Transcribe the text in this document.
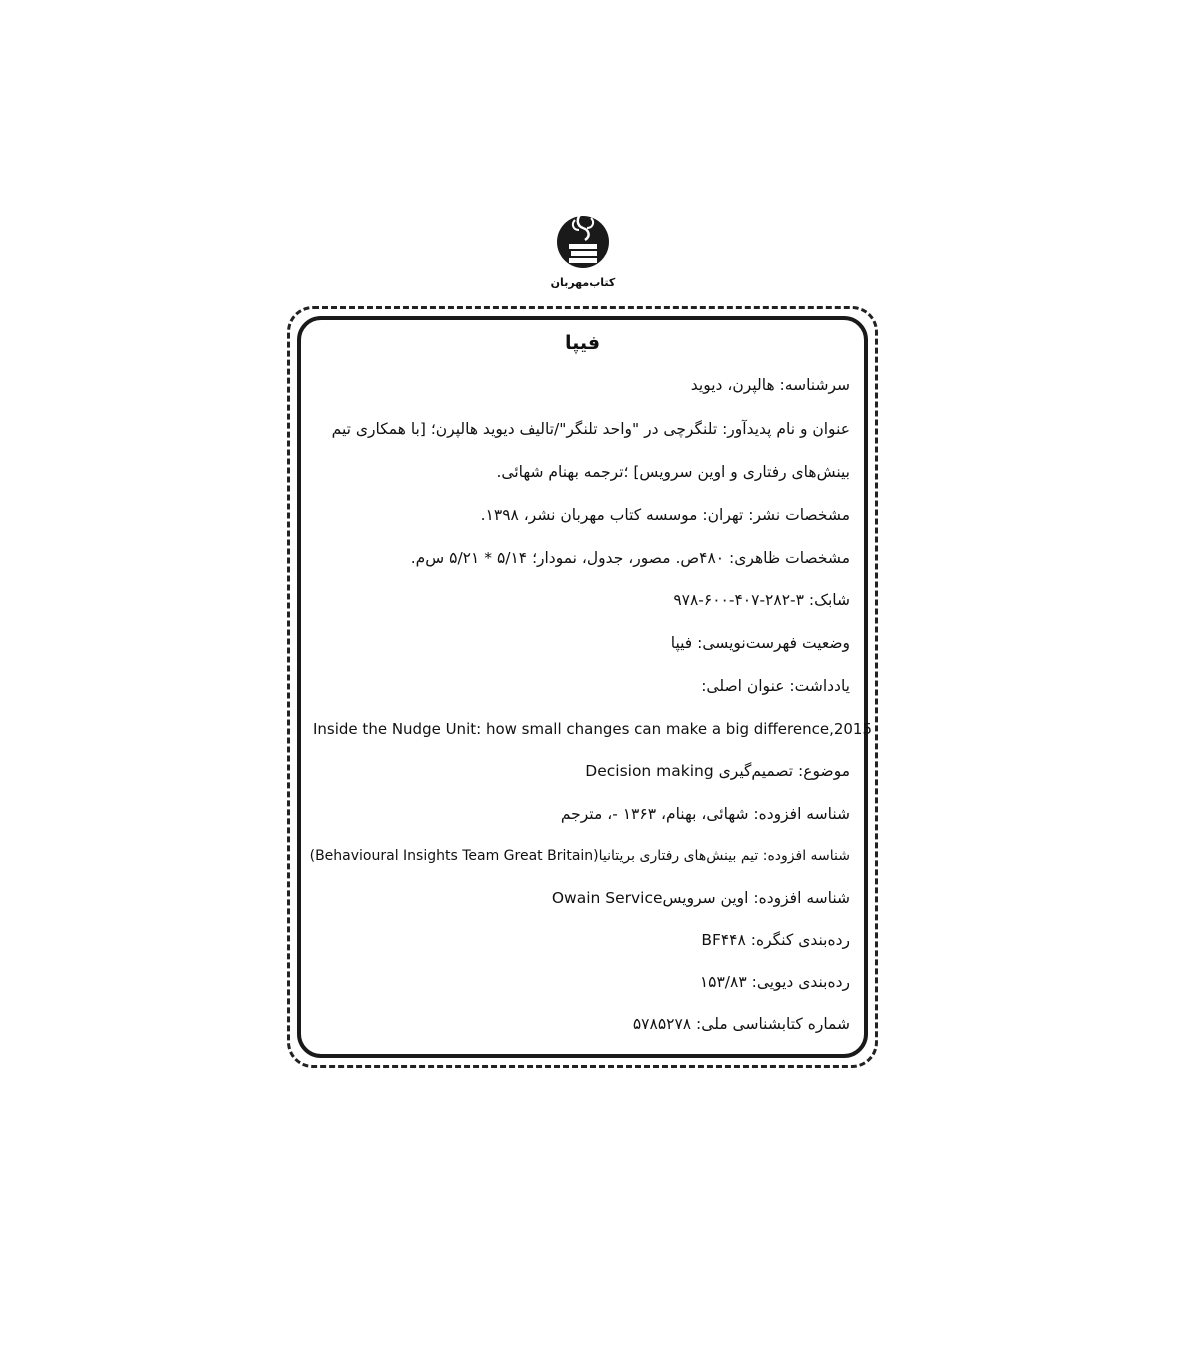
کتاب‌مهربان
فیپا
سرشناسه: هالپرن، دیوید
عنوان و نام پدیدآور: تلنگرچی در "واحد تلنگر"/تالیف دیوید هالپرن؛ [با همکاری تیم
بینش‌های رفتاری و اوین سرویس] ؛ترجمه بهنام شهائی.
مشخصات نشر: تهران: موسسه کتاب مهربان نشر، ۱۳۹۸.
مشخصات ظاهری: ۴۸۰ص. مصور، جدول، نمودار؛ ۵/۱۴ * ۵/۲۱ س‌م.
شابک: ۳-۲۸۲-۴۰۷-۶۰۰-۹۷۸
وضعیت فهرست‌نویسی: فیپا
یادداشت: عنوان اصلی:
Inside the Nudge Unit: how small changes can make a big difference,2015
موضوع: تصمیم‌گیری Decision making
شناسه افزوده: شهائی، بهنام، ۱۳۶۳ -، مترجم
شناسه افزوده: تیم بینش‌های رفتاری بریتانیا(Behavioural Insights Team Great Britain)
شناسه افزوده: اوین سرویسOwain Service
ردەبندی کنگره: BF۴۴۸
ردەبندی دیویی: ۱۵۳/۸۳
شماره کتابشناسی ملی: ۵۷۸۵۲۷۸
